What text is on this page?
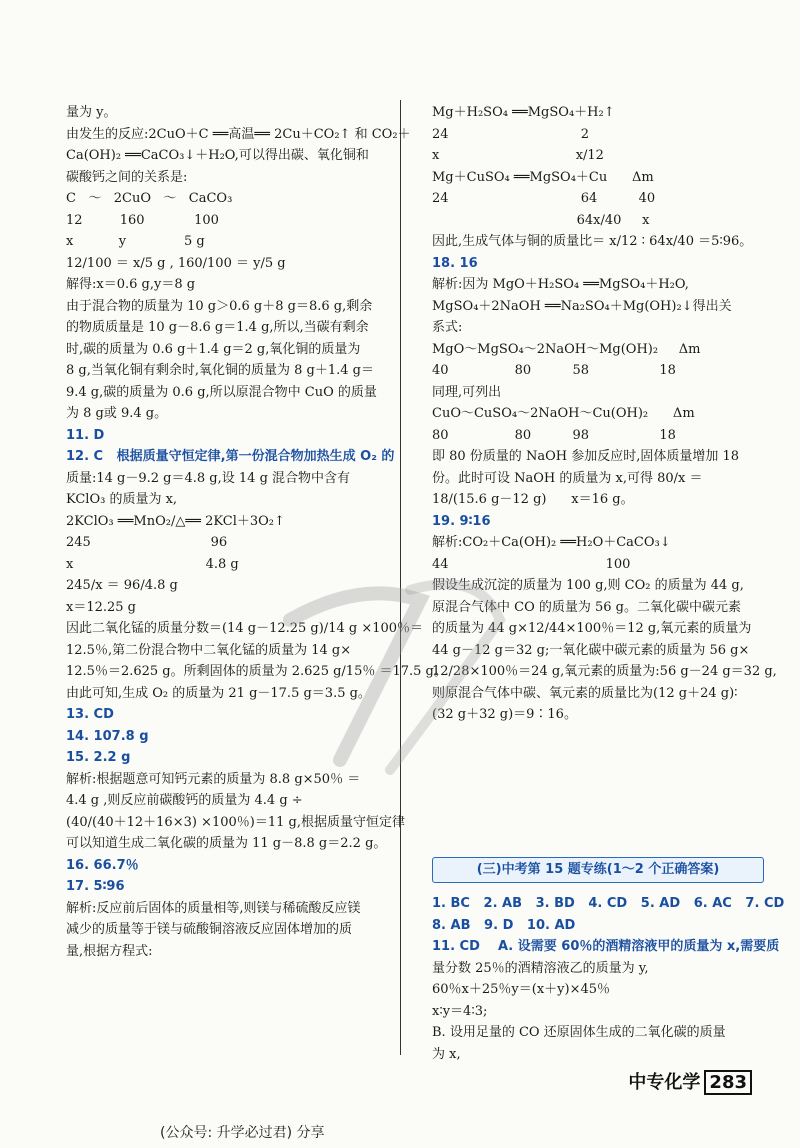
量为 y。
由发生的反应:2CuO＋C ══高温══ 2Cu＋CO₂↑ 和 CO₂＋
Ca(OH)₂ ══CaCO₃↓＋H₂O,可以得出碳、氧化铜和
碳酸钙之间的关系是:
C   ～   2CuO   ～   CaCO₃
12         160            100
x           y              5 g
12/100 ＝ x/5 g , 160/100 ＝ y/5 g
解得:x＝0.6 g,y＝8 g
由于混合物的质量为 10 g＞0.6 g＋8 g＝8.6 g,剩余
的物质质量是 10 g－8.6 g＝1.4 g,所以,当碳有剩余
时,碳的质量为 0.6 g＋1.4 g＝2 g,氧化铜的质量为
8 g,当氧化铜有剩余时,氧化铜的质量为 8 g＋1.4 g＝
9.4 g,碳的质量为 0.6 g,所以原混合物中 CuO 的质量
为 8 g或 9.4 g。
11. D
12. C   根据质量守恒定律,第一份混合物加热生成 O₂ 的
质量:14 g－9.2 g＝4.8 g,设 14 g 混合物中含有
KClO₃ 的质量为 x,
2KClO₃ ══MnO₂/△══ 2KCl＋3O₂↑
245                             96
x                                4.8 g
245/x ＝ 96/4.8 g
x＝12.25 g
因此二氧化锰的质量分数＝(14 g－12.25 g)/14 g ×100％＝
12.5％,第二份混合物中二氧化锰的质量为 14 g×
12.5％＝2.625 g。所剩固体的质量为 2.625 g/15％ ＝17.5 g。
由此可知,生成 O₂ 的质量为 21 g－17.5 g＝3.5 g。
13. CD
14. 107.8 g
15. 2.2 g
解析:根据题意可知钙元素的质量为 8.8 g×50％ ＝
4.4 g ,则反应前碳酸钙的质量为 4.4 g ÷
(40/(40＋12＋16×3) ×100％)＝11 g,根据质量守恒定律
可以知道生成二氧化碳的质量为 11 g－8.8 g＝2.2 g。
16. 66.7％
17. 5∶96
解析:反应前后固体的质量相等,则镁与稀硫酸反应镁
减少的质量等于镁与硫酸铜溶液反应固体增加的质
量,根据方程式:
Mg＋H₂SO₄ ══MgSO₄＋H₂↑
24                                2
x                                 x/12
Mg＋CuSO₄ ══MgSO₄＋Cu      Δm
24                                64          40
64x/40     x
因此,生成气体与铜的质量比＝ x/12 ∶ 64x/40 ＝5∶96。
18. 16
解析:因为 MgO＋H₂SO₄ ══MgSO₄＋H₂O,
MgSO₄＋2NaOH ══Na₂SO₄＋Mg(OH)₂↓得出关
系式:
MgO～MgSO₄～2NaOH～Mg(OH)₂     Δm
40                80          58                 18
同理,可列出
CuO～CuSO₄～2NaOH～Cu(OH)₂      Δm
80                80          98                 18
即 80 份质量的 NaOH 参加反应时,固体质量增加 18
份。此时可设 NaOH 的质量为 x,可得 80/x ＝
18/(15.6 g－12 g)      x＝16 g。
19. 9∶16
解析:CO₂＋Ca(OH)₂ ══H₂O＋CaCO₃↓
44                                      100
假设生成沉淀的质量为 100 g,则 CO₂ 的质量为 44 g,
原混合气体中 CO 的质量为 56 g。二氧化碳中碳元素
的质量为 44 g×12/44×100％＝12 g,氧元素的质量为
44 g－12 g＝32 g;一氧化碳中碳元素的质量为 56 g×
12/28×100％＝24 g,氧元素的质量为:56 g－24 g＝32 g,
则原混合气体中碳、氧元素的质量比为(12 g＋24 g)∶
(32 g＋32 g)＝9∶16。
(三)中考第 15 题专练(1～2 个正确答案)
1. BC   2. AB   3. BD   4. CD   5. AD   6. AC   7. CD
8. AB   9. D   10. AD
11. CD    A. 设需要 60％的酒精溶液甲的质量为 x,需要质
量分数 25％的酒精溶液乙的质量为 y,
60％x＋25％y＝(x＋y)×45％
x∶y＝4∶3;
B. 设用足量的 CO 还原固体生成的二氧化碳的质量
为 x,
中专化学 283
(公众号: 升学必过君) 分享
